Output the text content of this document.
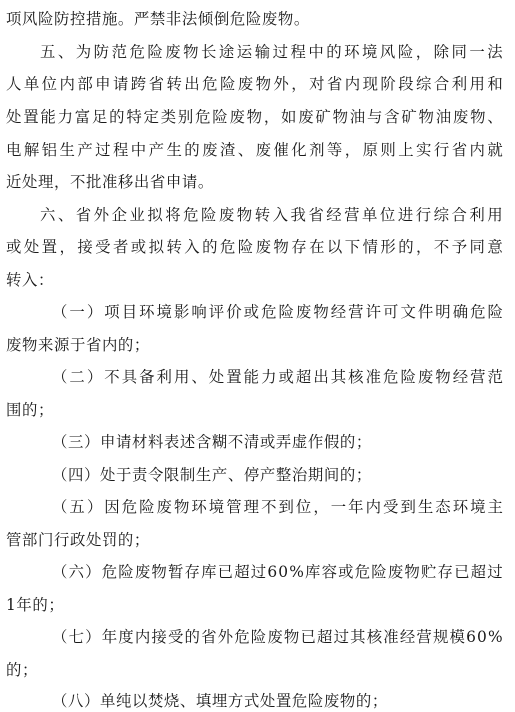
项风险防控措施。严禁非法倾倒危险废物。
五 、 为 防 范 危 险 废 物 长 途 运 输 过 程 中 的 环 境 风 险 ， 除 同 一 法
人 单 位 内 部 申 请 跨 省 转 出 危 险 废 物 外 ， 对 省 内 现 阶 段 综 合 利 用 和
处 置 能 力 富 足 的 特 定 类 别 危 险 废 物 ， 如 废 矿 物 油 与 含 矿 物 油 废 物 、
电 解 铝 生 产 过 程 中 产 生 的 废 渣 、 废 催 化 剂 等 ， 原 则 上 实 行 省 内 就
近处理，不批准移出省申请。
六 、 省 外 企 业 拟 将 危 险 废 物 转 入 我 省 经 营 单 位 进 行 综 合 利 用
或 处 置 ， 接 受 者 或 拟 转 入 的 危 险 废 物 存 在 以 下 情 形 的 ， 不 予 同 意
转入：
（ 一 ） 项 目 环 境 影 响 评 价 或 危 险 废 物 经 营 许 可 文 件 明 确 危 险
废物来源于省内的；
（ 二 ） 不 具 备 利 用 、 处 置 能 力 或 超 出 其 核 准 危 险 废 物 经 营 范
围的；
（三）申请材料表述含糊不清或弄虚作假的；
（四）处于责令限制生产、停产整治期间的；
（ 五 ） 因 危 险 废 物 环 境 管 理 不 到 位 ， 一 年 内 受 到 生 态 环 境 主
管部门行政处罚的；
（ 六 ） 危 险 废 物 暂 存 库 已 超 过 6 0 % 库 容 或 危 险 废 物 贮 存 已 超 过
1年的；
（ 七 ） 年 度 内 接 受 的 省 外 危 险 废 物 已 超 过 其 核 准 经 营 规 模 6 0 %
的；
（八）单纯以焚烧、填埋方式处置危险废物的；
